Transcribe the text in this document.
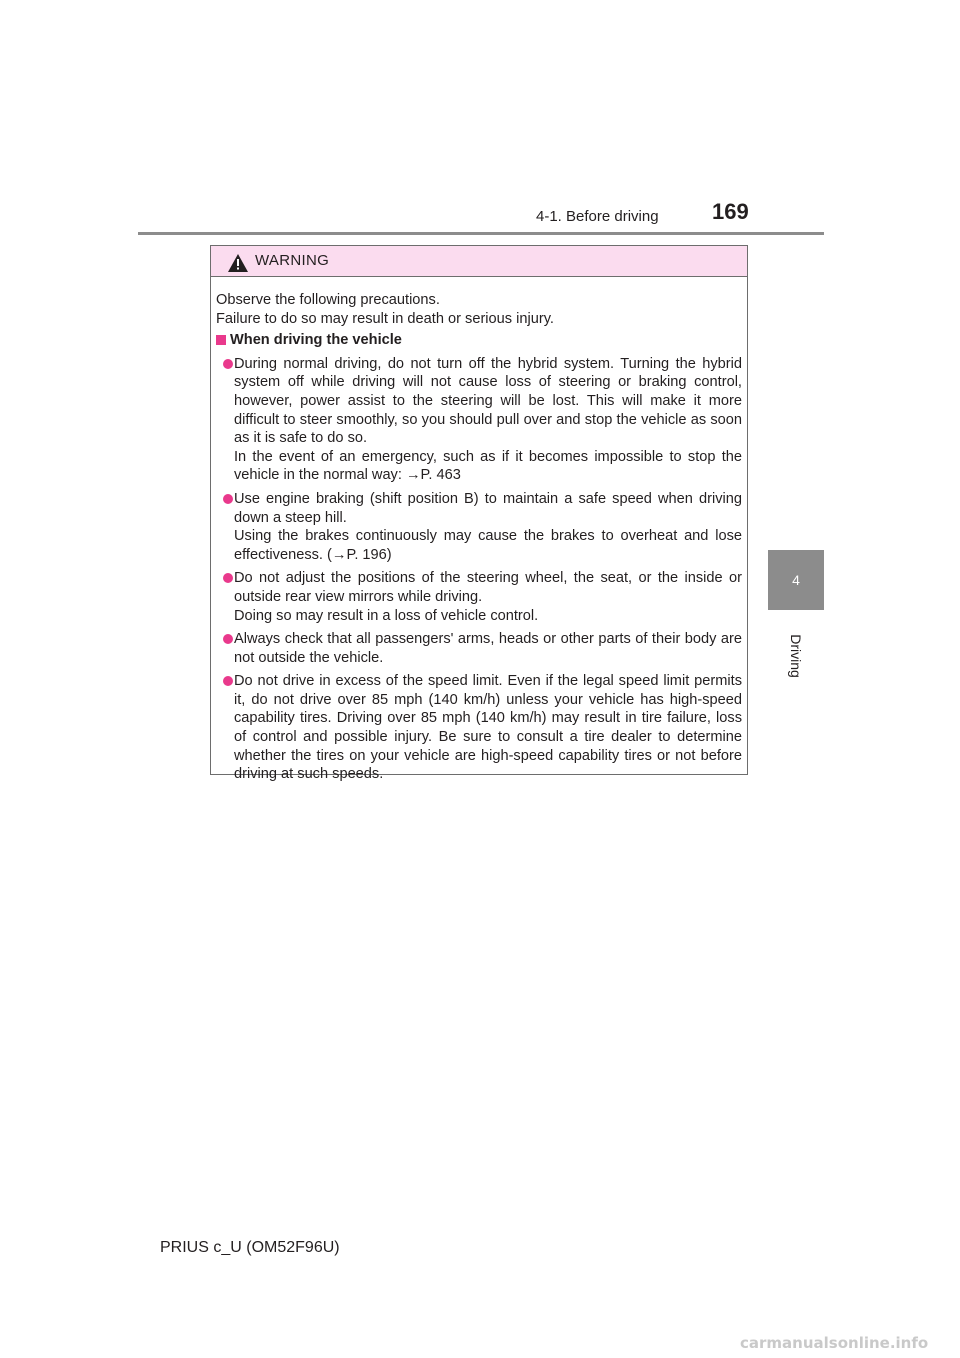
4-1. Before driving 169
4
Driving
WARNING

Observe the following precautions.

Failure to do so may result in death or serious injury.

When driving the vehicle

During normal driving, do not turn off the hybrid system. Turning the hybrid system off while driving will not cause loss of steering or braking control, however, power assist to the steering will be lost. This will make it more difficult to steer smoothly, so you should pull over and stop the vehicle as soon as it is safe to do so.

In the event of an emergency, such as if it becomes impossible to stop the vehicle in the normal way: →P. 463

Use engine braking (shift position B) to maintain a safe speed when driving down a steep hill.

Using the brakes continuously may cause the brakes to overheat and lose effectiveness. (→P. 196)

Do not adjust the positions of the steering wheel, the seat, or the inside or outside rear view mirrors while driving.

Doing so may result in a loss of vehicle control.

Always check that all passengers' arms, heads or other parts of their body are not outside the vehicle.

Do not drive in excess of the speed limit. Even if the legal speed limit permits it, do not drive over 85 mph (140 km/h) unless your vehicle has high-speed capability tires. Driving over 85 mph (140 km/h) may result in tire failure, loss of control and possible injury. Be sure to consult a tire dealer to determine whether the tires on your vehicle are high-speed capability tires or not before driving at such speeds.

PRIUS c_U (OM52F96U)
carmanualsonline.info
